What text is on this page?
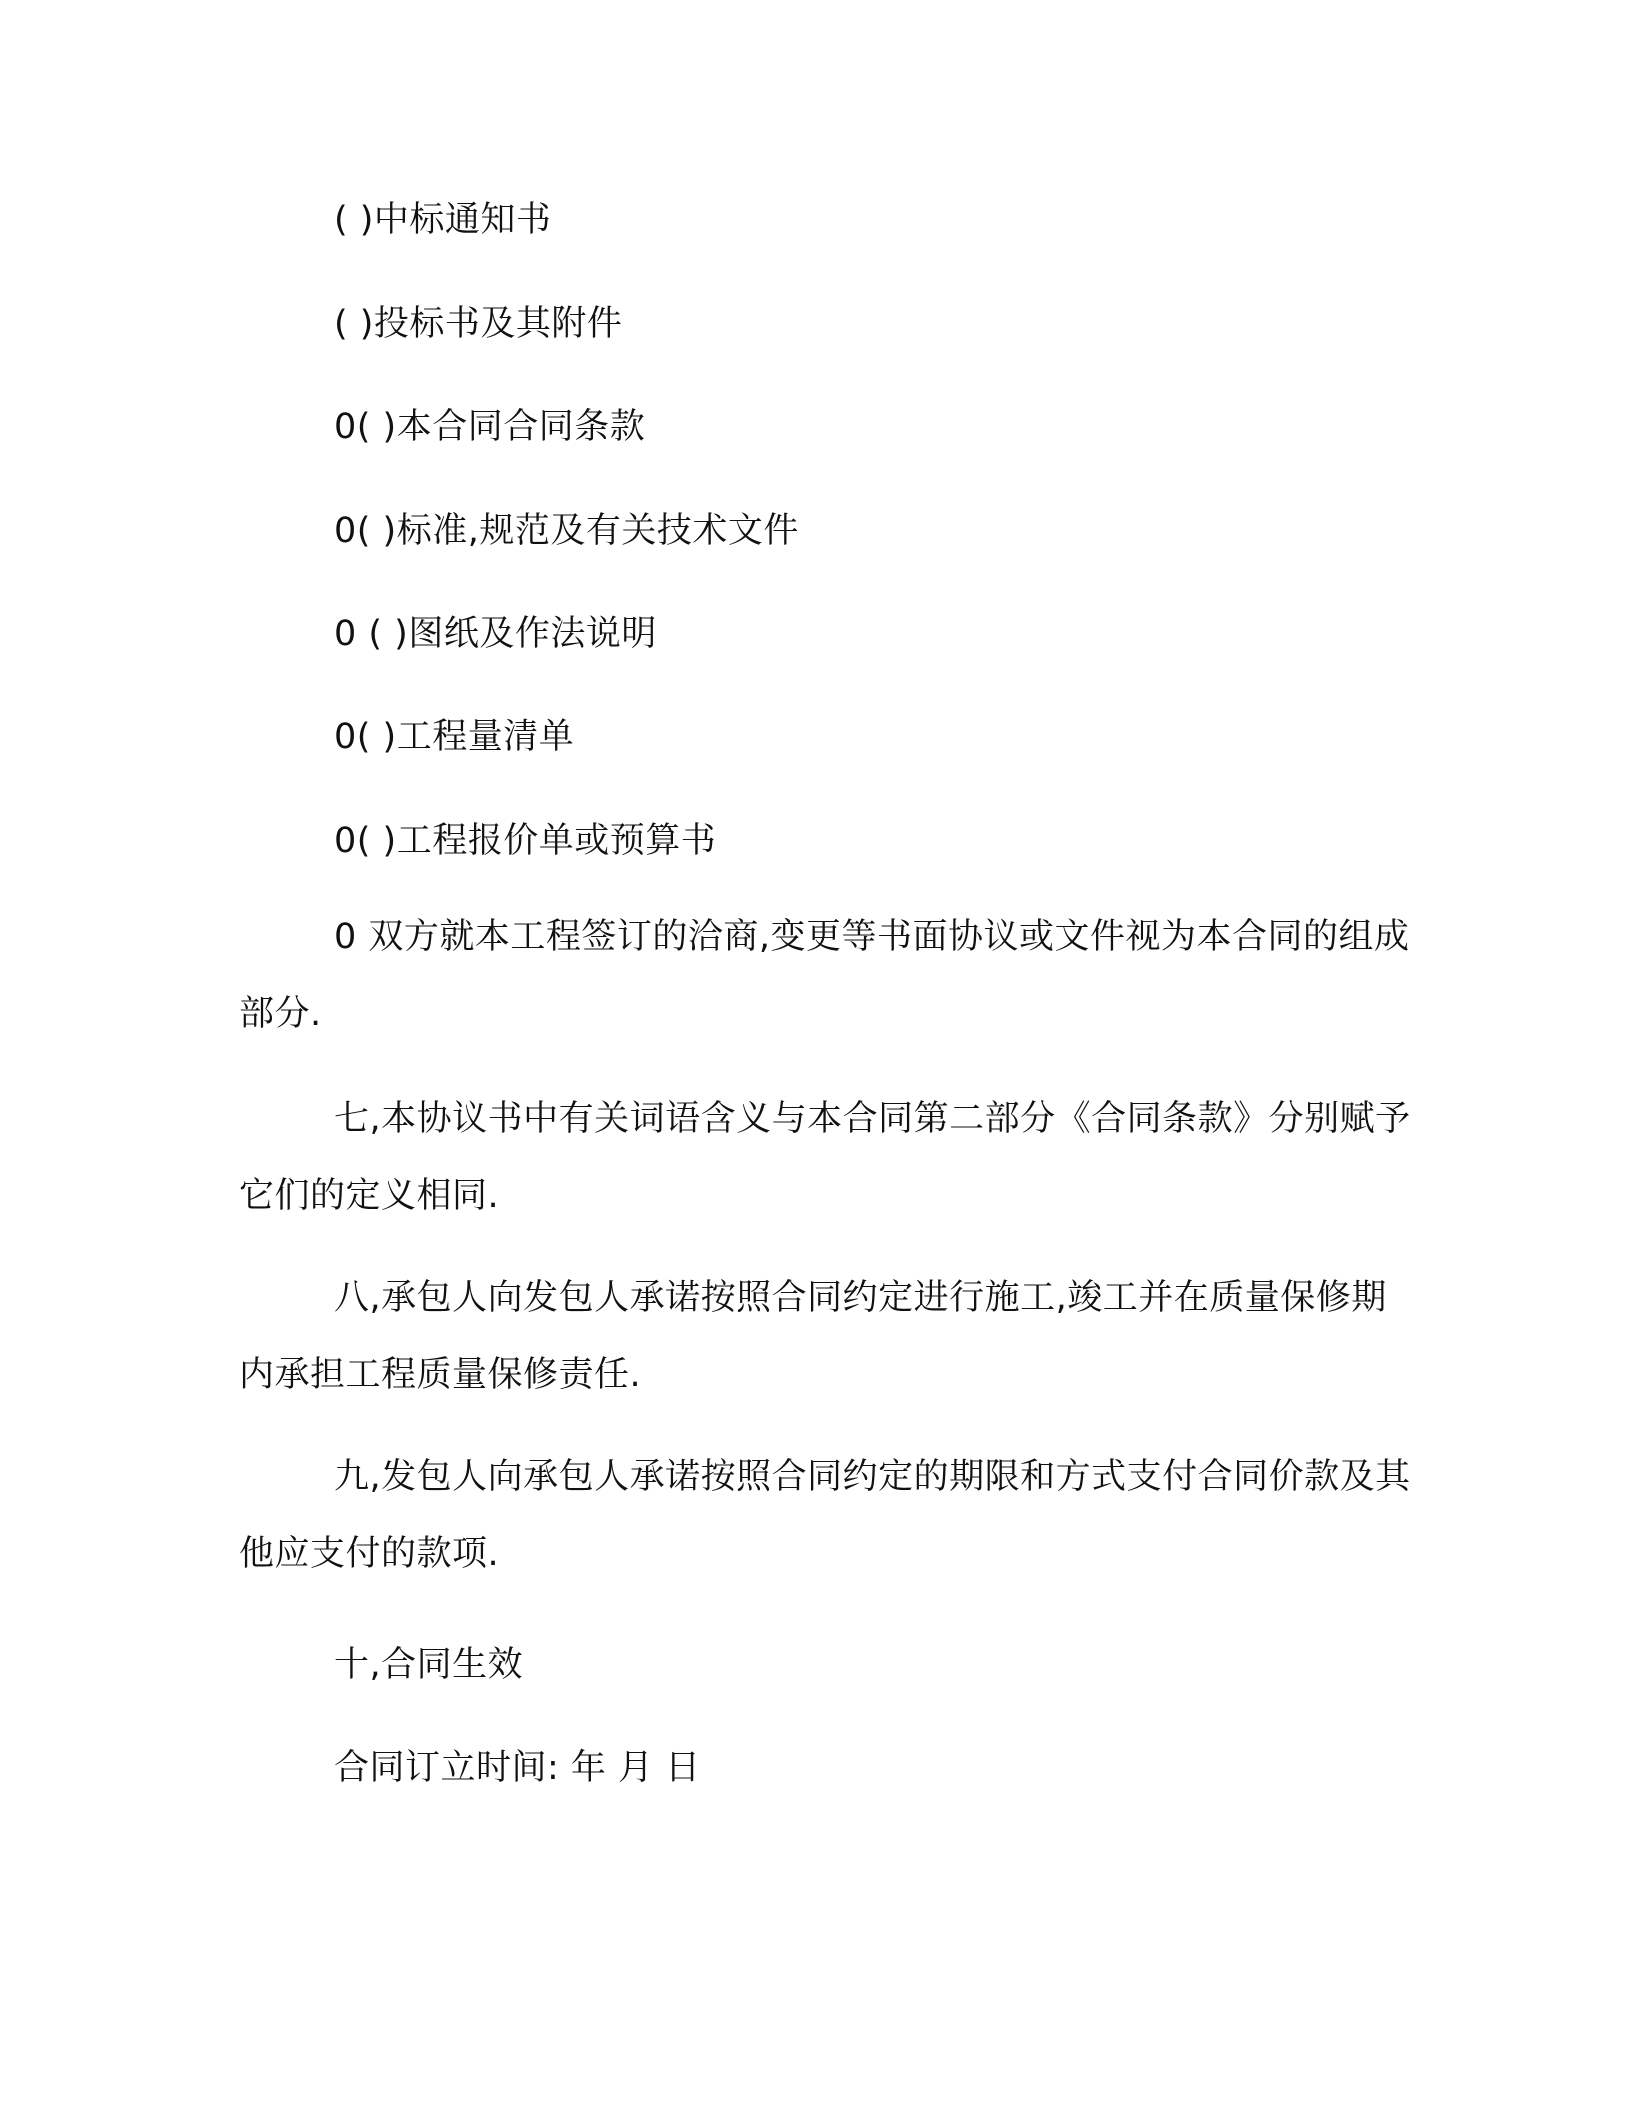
( )中标通知书
( )投标书及其附件
0( )本合同合同条款
0( )标准,规范及有关技术文件
0 ( )图纸及作法说明
0( )工程量清单
0( )工程报价单或预算书
0 双方就本工程签订的洽商,变更等书面协议或文件视为本合同的组成部分.
七,本协议书中有关词语含义与本合同第二部分《合同条款》分别赋予它们的定义相同.
八,承包人向发包人承诺按照合同约定进行施工,竣工并在质量保修期内承担工程质量保修责任.
九,发包人向承包人承诺按照合同约定的期限和方式支付合同价款及其他应支付的款项.
十,合同生效
合同订立时间: 年 月 日
